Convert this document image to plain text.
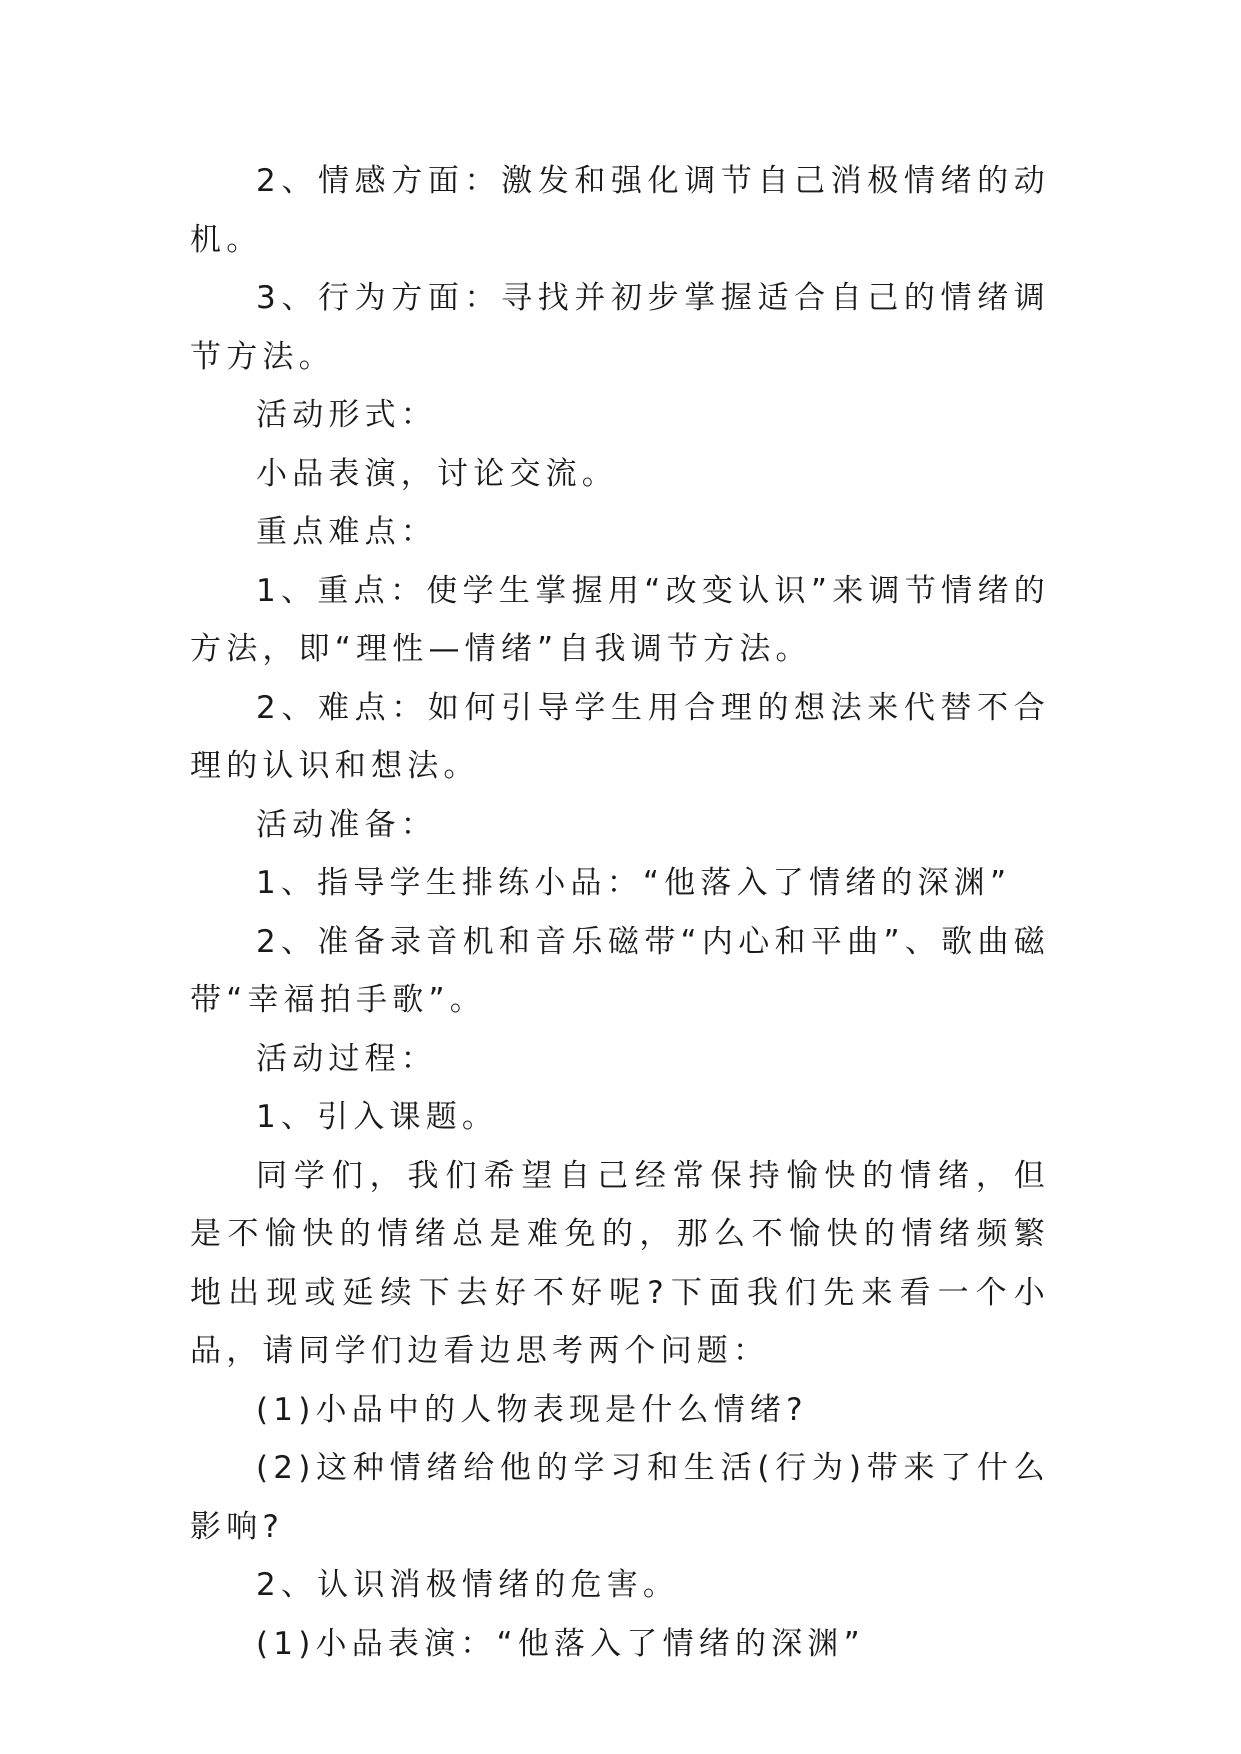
2、情感方面：激发和强化调节自己消极情绪的动机。

3、行为方面：寻找并初步掌握适合自己的情绪调节方法。

活动形式：

小品表演，讨论交流。

重点难点：

1、重点：使学生掌握用“改变认识”来调节情绪的方法，即“理性—情绪”自我调节方法。

2、难点：如何引导学生用合理的想法来代替不合理的认识和想法。

活动准备：

1、指导学生排练小品：“他落入了情绪的深渊”

2、准备录音机和音乐磁带“内心和平曲”、歌曲磁带“幸福拍手歌”。

活动过程：

1、引入课题。

同学们，我们希望自己经常保持愉快的情绪，但是不愉快的情绪总是难免的，那么不愉快的情绪频繁地出现或延续下去好不好呢?下面我们先来看一个小品，请同学们边看边思考两个问题：

(1)小品中的人物表现是什么情绪?

(2)这种情绪给他的学习和生活(行为)带来了什么影响?

2、认识消极情绪的危害。

(1)小品表演：“他落入了情绪的深渊”
